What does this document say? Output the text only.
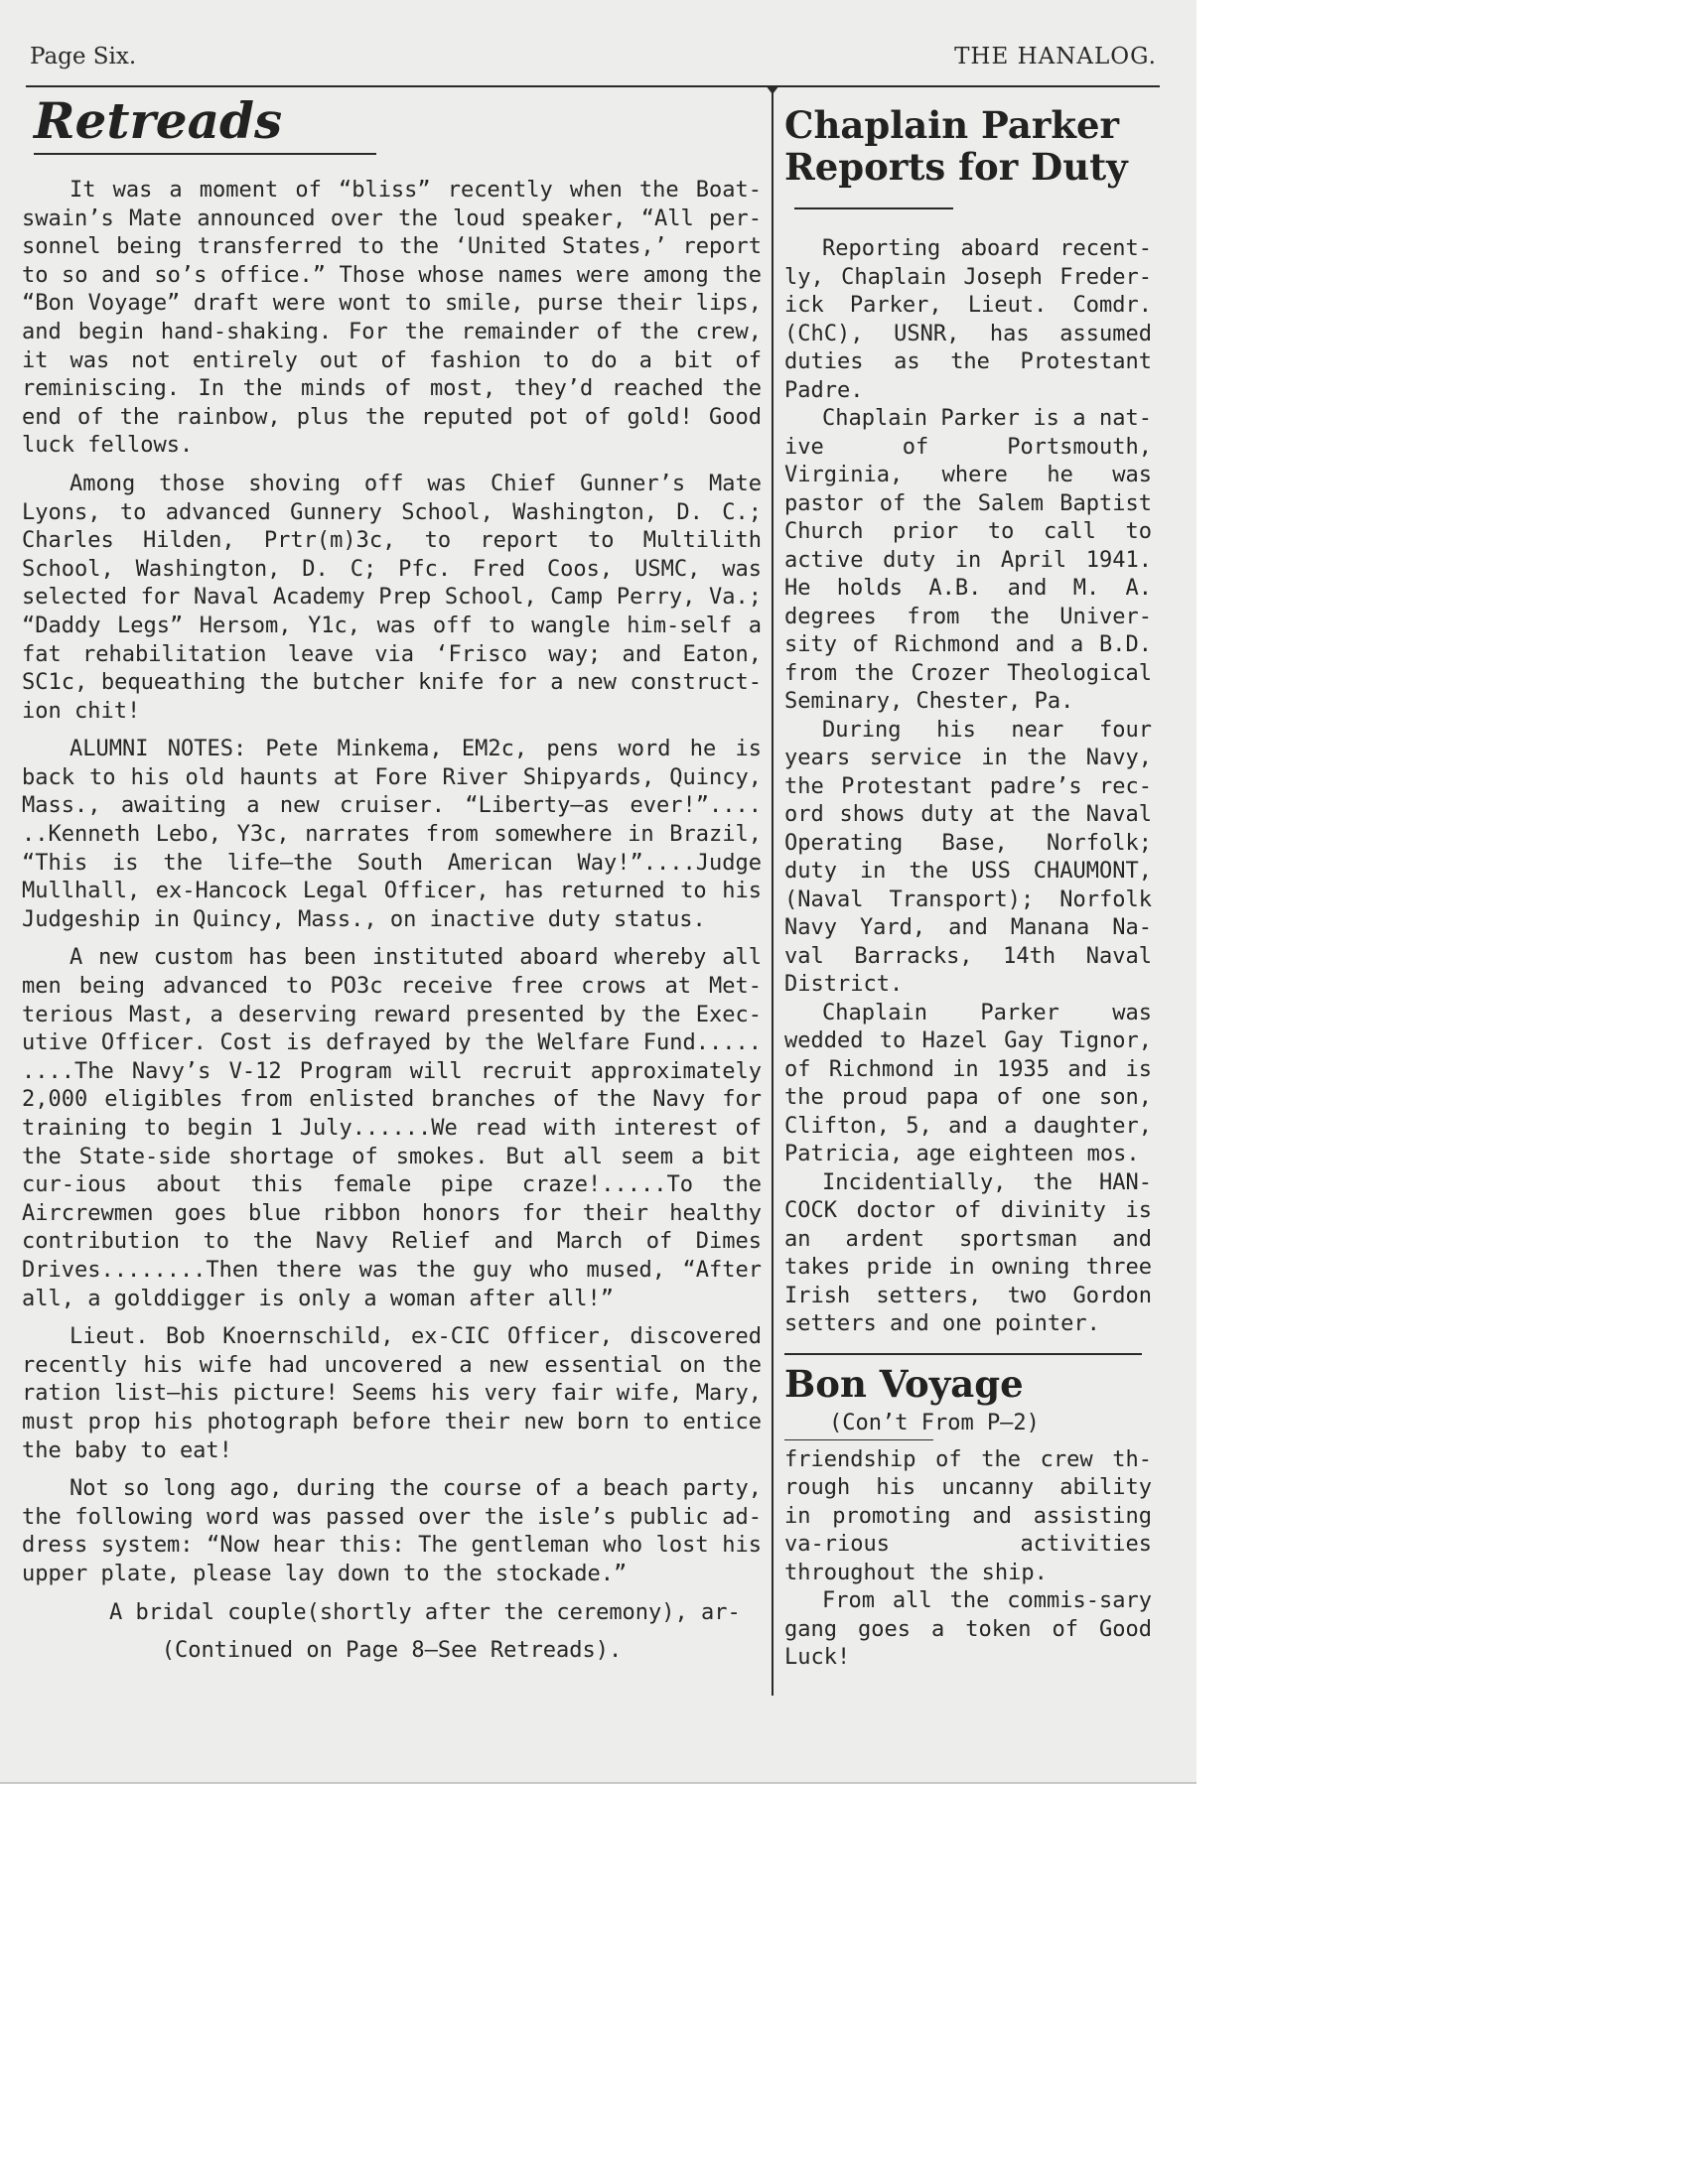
Page Six.	THE HANALOG.
Retreads

It was a moment of “bliss” recently when the Boat-swain’s Mate announced over the loud speaker, “All per-sonnel being transferred to the ‘United States,’ report to so and so’s office.” Those whose names were among the “Bon Voyage” draft were wont to smile, purse their lips, and begin hand-shaking. For the remainder of the crew, it was not entirely out of fashion to do a bit of reminiscing. In the minds of most, they’d reached the end of the rainbow, plus the reputed pot of gold! Good luck fellows.

Among those shoving off was Chief Gunner’s Mate Lyons, to advanced Gunnery School, Washington, D. C.; Charles Hilden, Prtr(m)3c, to report to Multilith School, Washington, D. C; Pfc. Fred Coos, USMC, was selected for Naval Academy Prep School, Camp Perry, Va.; “Daddy Legs” Hersom, Y1c, was off to wangle him-self a fat rehabilitation leave via ‘Frisco way; and Eaton, SC1c, bequeathing the butcher knife for a new construct-ion chit!

ALUMNI NOTES: Pete Minkema, EM2c, pens word he is back to his old haunts at Fore River Shipyards, Quincy, Mass., awaiting a new cruiser. “Liberty—as ever!”.... ..Kenneth Lebo, Y3c, narrates from somewhere in Brazil, “This is the life—the South American Way!”....Judge Mullhall, ex-Hancock Legal Officer, has returned to his Judgeship in Quincy, Mass., on inactive duty status.

A new custom has been instituted aboard whereby all men being advanced to PO3c receive free crows at Met-terious Mast, a deserving reward presented by the Exec-utive Officer. Cost is defrayed by the Welfare Fund..... ....The Navy’s V-12 Program will recruit approximately 2,000 eligibles from enlisted branches of the Navy for training to begin 1 July......We read with interest of the State-side shortage of smokes. But all seem a bit cur-ious about this female pipe craze!.....To the Aircrewmen goes blue ribbon honors for their healthy contribution to the Navy Relief and March of Dimes Drives........Then there was the guy who mused, “After all, a golddigger is only a woman after all!”

Lieut. Bob Knoernschild, ex-CIC Officer, discovered recently his wife had uncovered a new essential on the ration list—his picture! Seems his very fair wife, Mary, must prop his photograph before their new born to entice the baby to eat!

Not so long ago, during the course of a beach party, the following word was passed over the isle’s public ad-dress system: “Now hear this: The gentleman who lost his upper plate, please lay down to the stockade.”

A bridal couple(shortly after the ceremony), ar-

(Continued on Page 8—See Retreads).

Chaplain Parker
Reports for Duty

Reporting aboard recent-ly, Chaplain Joseph Freder-ick Parker, Lieut. Comdr. (ChC), USNR, has assumed duties as the Protestant Padre.

Chaplain Parker is a nat-ive of Portsmouth, Virginia, where he was pastor of the Salem Baptist Church prior to call to active duty in April 1941. He holds A.B. and M. A. degrees from the Univer-sity of Richmond and a B.D. from the Crozer Theological Seminary, Chester, Pa.

During his near four years service in the Navy, the Protestant padre’s rec-ord shows duty at the Naval Operating Base, Norfolk; duty in the USS CHAUMONT, (Naval Transport); Norfolk Navy Yard, and Manana Na-val Barracks, 14th Naval District.

Chaplain Parker was wedded to Hazel Gay Tignor, of Richmond in 1935 and is the proud papa of one son, Clifton, 5, and a daughter, Patricia, age eighteen mos.

Incidentially, the HAN-COCK doctor of divinity is an ardent sportsman and takes pride in owning three Irish setters, two Gordon setters and one pointer.

Bon Voyage
(Con’t From P—2)

friendship of the crew th-rough his uncanny ability in promoting and assisting va-rious activities throughout the ship.

From all the commis-sary gang goes a token of Good Luck!
